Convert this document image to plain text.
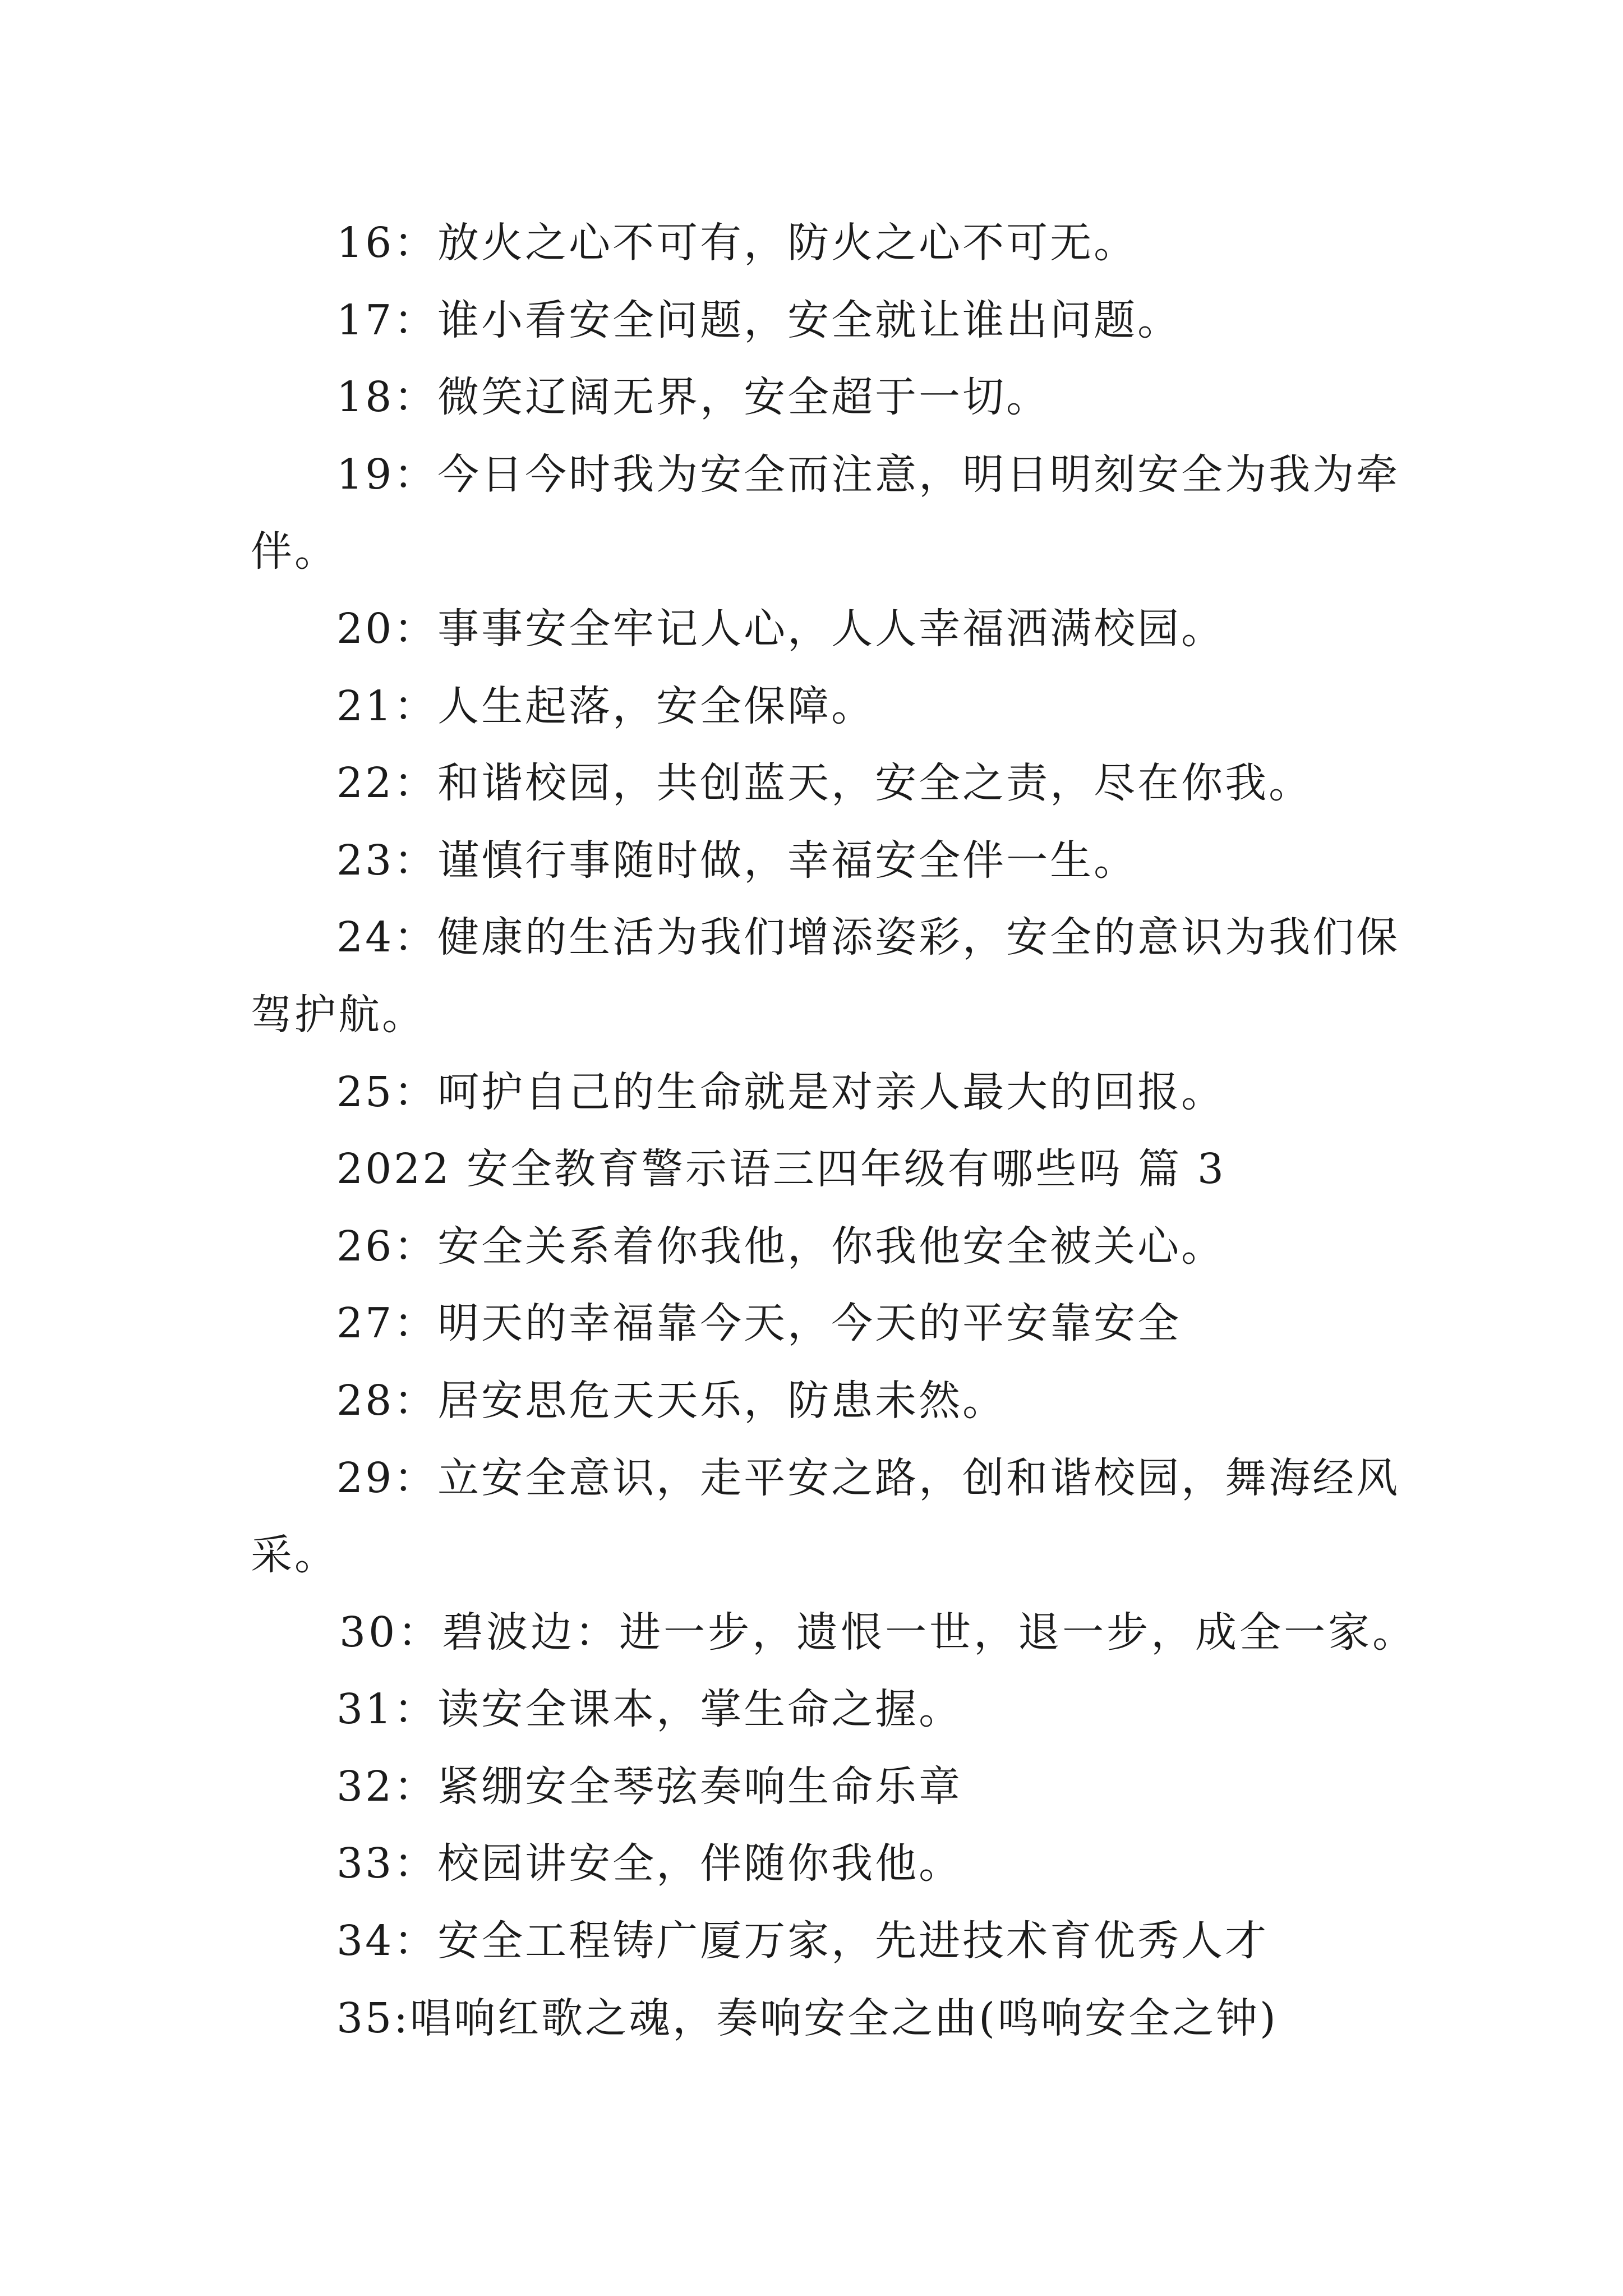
16：放火之心不可有，防火之心不可无。
17：谁小看安全问题，安全就让谁出问题。
18：微笑辽阔无界，安全超于一切。
19：今日今时我为安全而注意，明日明刻安全为我为牵
伴。
20：事事安全牢记人心，人人幸福洒满校园。
21：人生起落，安全保障。
22：和谐校园，共创蓝天，安全之责，尽在你我。
23：谨慎行事随时做，幸福安全伴一生。
24：健康的生活为我们增添姿彩，安全的意识为我们保
驾护航。
25：呵护自己的生命就是对亲人最大的回报。
2022 安全教育警示语三四年级有哪些吗 篇 3
26：安全关系着你我他，你我他安全被关心。
27：明天的幸福靠今天，今天的平安靠安全
28：居安思危天天乐，防患未然。
29：立安全意识，走平安之路，创和谐校园，舞海经风
采。
30：碧波边：进一步，遗恨一世，退一步，成全一家。
31：读安全课本，掌生命之握。
32：紧绷安全琴弦奏响生命乐章
33：校园讲安全，伴随你我他。
34：安全工程铸广厦万家，先进技术育优秀人才
35:唱响红歌之魂，奏响安全之曲(鸣响安全之钟)
